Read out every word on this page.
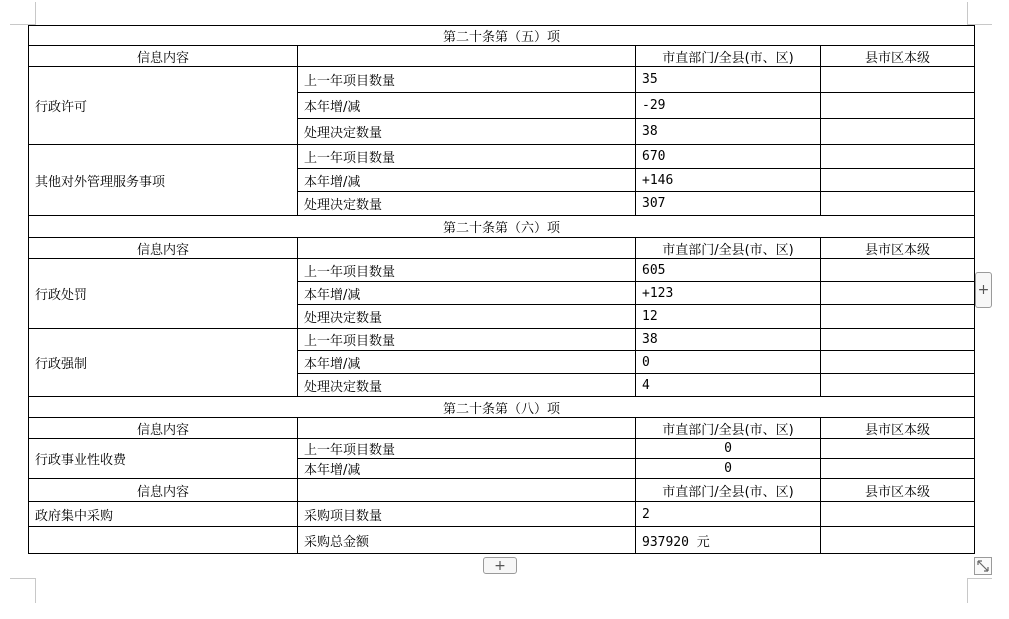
第二十条第（五）项			
信息内容		市直部门/全县(市、区)	县市区本级
行政许可	上一年项目数量	35	
	本年增/减	-29	
	处理决定数量	38	
其他对外管理服务事项	上一年项目数量	670	
	本年增/减	+146	
	处理决定数量	307	
第二十条第（六）项			
信息内容		市直部门/全县(市、区)	县市区本级
行政处罚	上一年项目数量	605	
	本年增/减	+123	
	处理决定数量	12	
行政强制	上一年项目数量	38	
	本年增/减	0	
	处理决定数量	4	
第二十条第（八）项			
信息内容		市直部门/全县(市、区)	县市区本级
行政事业性收费	上一年项目数量	0	
	本年增/减	0	
信息内容		市直部门/全县(市、区)	县市区本级
政府集中采购	采购项目数量	2	
	采购总金额	937920 元	
+
+
